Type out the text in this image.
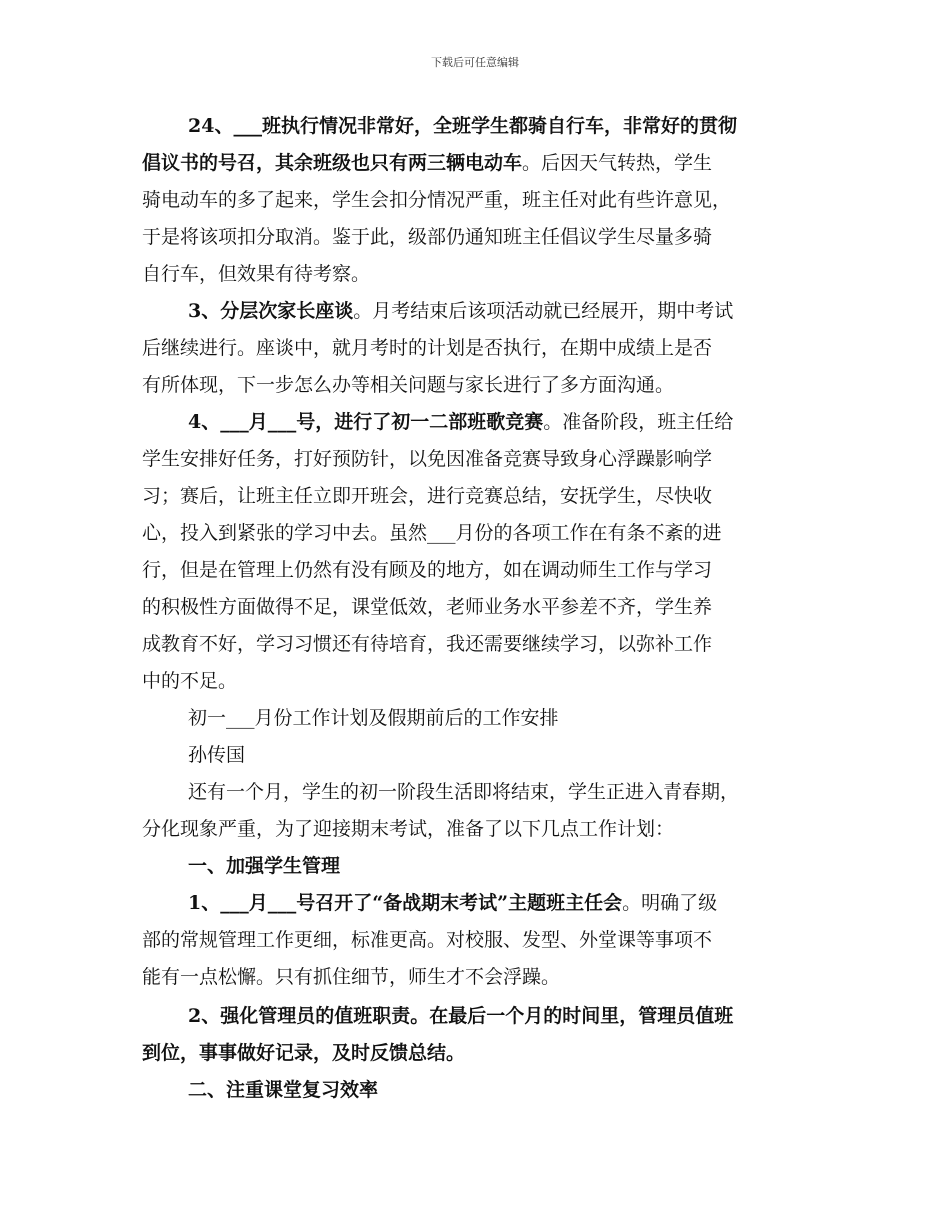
下载后可任意编辑

24、___班执行情况非常好，全班学生都骑自行车，非常好的贯彻

倡议书的号召，其余班级也只有两三辆电动车。后因天气转热，学生

骑电动车的多了起来，学生会扣分情况严重，班主任对此有些许意见，

于是将该项扣分取消。鉴于此，级部仍通知班主任倡议学生尽量多骑

自行车，但效果有待考察。

3、分层次家长座谈。月考结束后该项活动就已经展开，期中考试

后继续进行。座谈中，就月考时的计划是否执行，在期中成绩上是否

有所体现，下一步怎么办等相关问题与家长进行了多方面沟通。

4、___月___号，进行了初一二部班歌竞赛。准备阶段，班主任给

学生安排好任务，打好预防针，以免因准备竞赛导致身心浮躁影响学

习；赛后，让班主任立即开班会，进行竞赛总结，安抚学生，尽快收

心，投入到紧张的学习中去。虽然___月份的各项工作在有条不紊的进

行，但是在管理上仍然有没有顾及的地方，如在调动师生工作与学习

的积极性方面做得不足，课堂低效，老师业务水平参差不齐，学生养

成教育不好，学习习惯还有待培育，我还需要继续学习，以弥补工作

中的不足。

初一___月份工作计划及假期前后的工作安排

孙传国

还有一个月，学生的初一阶段生活即将结束，学生正进入青春期，

分化现象严重，为了迎接期末考试，准备了以下几点工作计划：

一、加强学生管理

1、___月___号召开了“备战期末考试”主题班主任会。明确了级

部的常规管理工作更细，标准更高。对校服、发型、外堂课等事项不

能有一点松懈。只有抓住细节，师生才不会浮躁。

2、强化管理员的值班职责。在最后一个月的时间里，管理员值班

到位，事事做好记录，及时反馈总结。

二、注重课堂复习效率
